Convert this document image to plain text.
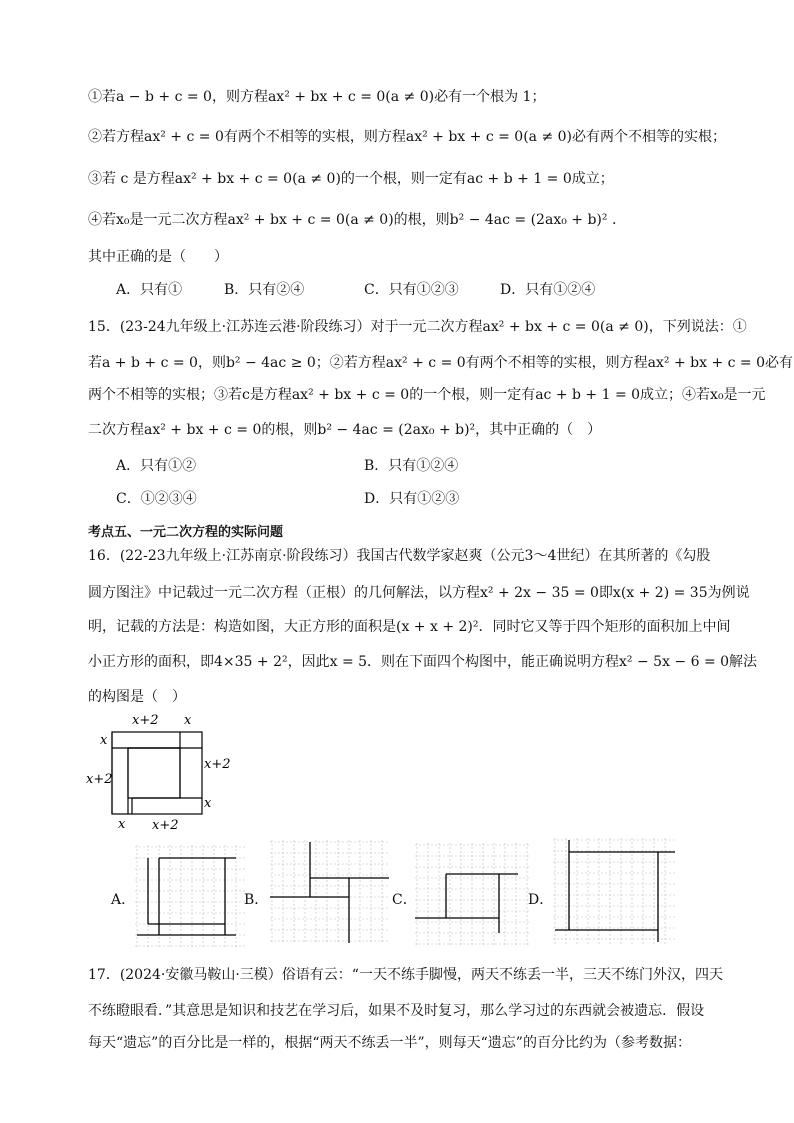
①若a − b + c = 0，则方程ax² + bx + c = 0(a ≠ 0)必有一个根为 1；
②若方程ax² + c = 0有两个不相等的实根，则方程ax² + bx + c = 0(a ≠ 0)必有两个不相等的实根；
③若 c 是方程ax² + bx + c = 0(a ≠ 0)的一个根，则一定有ac + b + 1 = 0成立；
④若x₀是一元二次方程ax² + bx + c = 0(a ≠ 0)的根，则b² − 4ac = (2ax₀ + b)² .
其中正确的是（　　）
A．只有①	B．只有②④	C．只有①②③	D．只有①②④
15．(23-24九年级上·江苏连云港·阶段练习）对于一元二次方程ax² + bx + c = 0(a ≠ 0)，下列说法：①
若a + b + c = 0，则b² − 4ac ≥ 0；②若方程ax² + c = 0有两个不相等的实根，则方程ax² + bx + c = 0必有
两个不相等的实根；③若c是方程ax² + bx + c = 0的一个根，则一定有ac + b + 1 = 0成立；④若x₀是一元
二次方程ax² + bx + c = 0的根，则b² − 4ac = (2ax₀ + b)²，其中正确的（　）
A．只有①②	B．只有①②④
C．①②③④	D．只有①②③
考点五、一元二次方程的实际问题
16．(22-23九年级上·江苏南京·阶段练习）我国古代数学家赵爽（公元3～4世纪）在其所著的《勾股
圆方图注》中记载过一元二次方程（正根）的几何解法，以方程x² + 2x − 35 = 0即x(x + 2) = 35为例说
明，记载的方法是：构造如图，大正方形的面积是(x + x + 2)²．同时它又等于四个矩形的面积加上中间
小正方形的面积，即4×35 + 2²，因此x = 5．则在下面四个构图中，能正确说明方程x² − 5x − 6 = 0解法
的构图是（　）
x+2 x
x
x+2
x+2
x
x x+2
A．	B．	C．	D．
17．(2024·安徽马鞍山·三模）俗语有云：“一天不练手脚慢，两天不练丢一半，三天不练门外汉，四天
不练瞪眼看．”其意思是知识和技艺在学习后，如果不及时复习，那么学习过的东西就会被遗忘．假设
每天“遗忘”的百分比是一样的，根据“两天不练丢一半”，则每天“遗忘”的百分比约为（参考数据：
